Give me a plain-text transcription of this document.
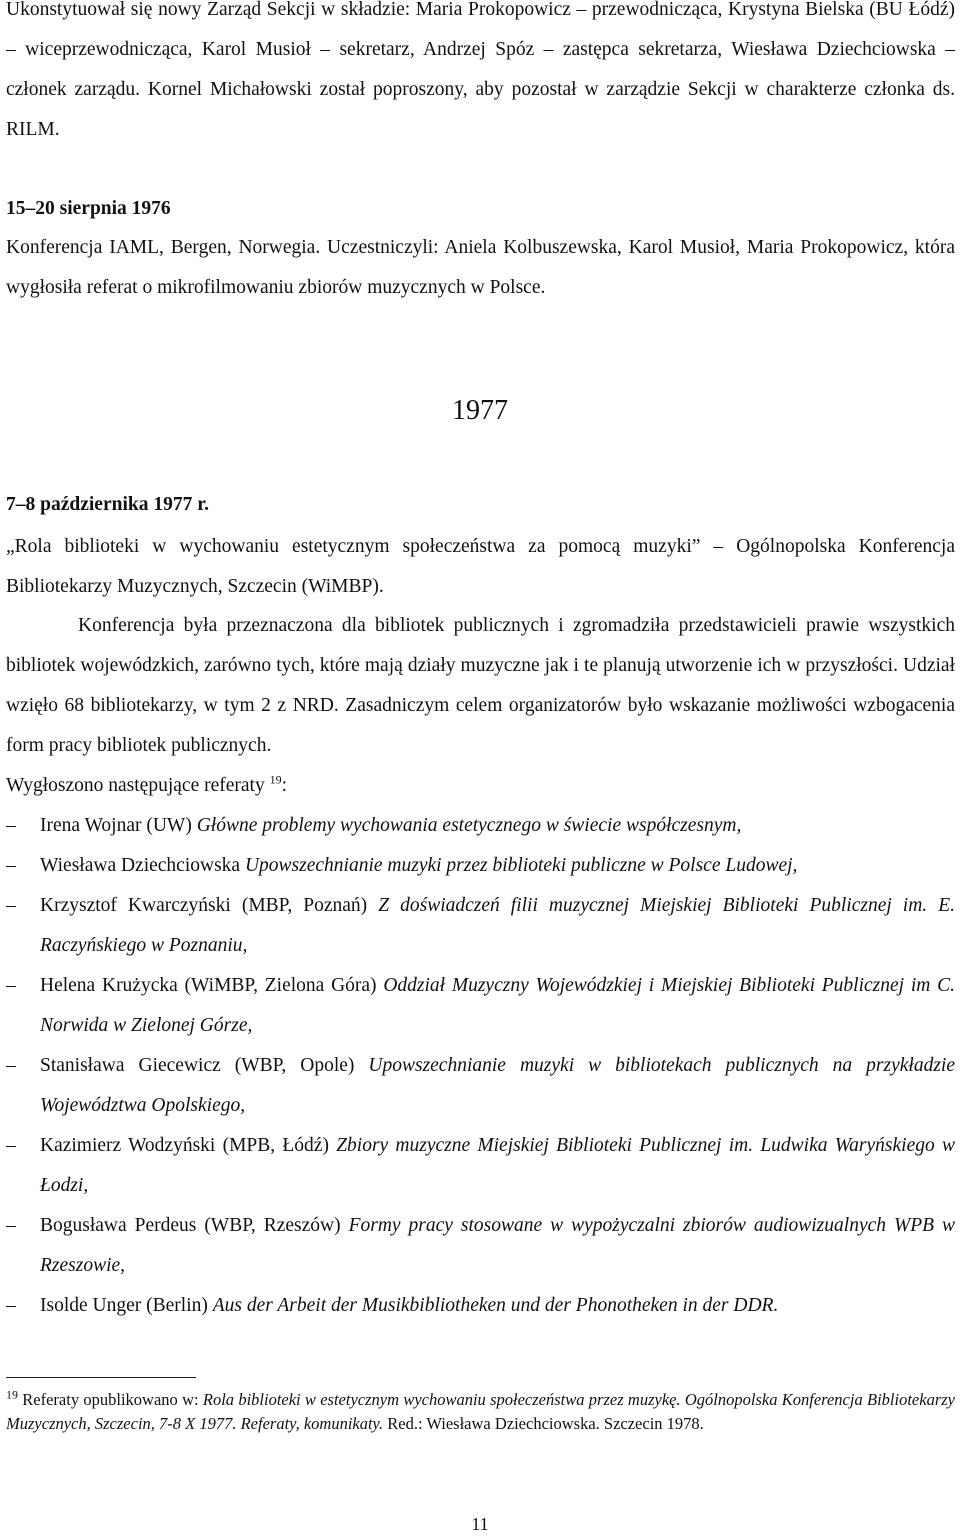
Ukonstytuował się nowy Zarząd Sekcji w składzie: Maria Prokopowicz – przewodnicząca, Krystyna Bielska (BU Łódź) – wiceprzewodnicząca, Karol Musioł – sekretarz, Andrzej Spóz – zastępca sekretarza, Wiesława Dziechciowska – członek zarządu. Kornel Michałowski został poproszony, aby pozostał w zarządzie Sekcji w charakterze członka ds. RILM.

15–20 sierpnia 1976

Konferencja IAML, Bergen, Norwegia. Uczestniczyli: Aniela Kolbuszewska, Karol Musioł, Maria Prokopowicz, która wygłosiła referat o mikrofilmowaniu zbiorów muzycznych w Polsce.

1977

7–8 października 1977 r.

„Rola biblioteki w wychowaniu estetycznym społeczeństwa za pomocą muzyki” – Ogólnopolska Konferencja Bibliotekarzy Muzycznych, Szczecin (WiMBP).

Konferencja była przeznaczona dla bibliotek publicznych i zgromadziła przedstawicieli prawie wszystkich bibliotek wojewódzkich, zarówno tych, które mają działy muzyczne jak i te planują utworzenie ich w przyszłości. Udział wzięło 68 bibliotekarzy, w tym 2 z NRD. Zasadniczym celem organizatorów było wskazanie możliwości wzbogacenia form pracy bibliotek publicznych.

Wygłoszono następujące referaty $^{19}$:

– Irena Wojnar (UW) Główne problemy wychowania estetycznego w świecie współczesnym,
– Wiesława Dziechciowska Upowszechnianie muzyki przez biblioteki publiczne w Polsce Ludowej,
– Krzysztof Kwarczyński (MBP, Poznań) Z doświadczeń filii muzycznej Miejskiej Biblioteki Publicznej im. E. Raczyńskiego w Poznaniu,
– Helena Krużycka (WiMBP, Zielona Góra) Oddział Muzyczny Wojewódzkiej i Miejskiej Biblioteki Publicznej im C. Norwida w Zielonej Górze,
– Stanisława Giecewicz (WBP, Opole) Upowszechnianie muzyki w bibliotekach publicznych na przykładzie Województwa Opolskiego,
– Kazimierz Wodzyński (MPB, Łódź) Zbiory muzyczne Miejskiej Biblioteki Publicznej im. Ludwika Waryńskiego w Łodzi,
– Bogusława Perdeus (WBP, Rzeszów) Formy pracy stosowane w wypożyczalni zbiorów audiowizualnych WPB w Rzeszowie,
– Isolde Unger (Berlin) Aus der Arbeit der Musikbibliotheken und der Phonotheken in der DDR.

$^{19}$ Referaty opublikowano w: Rola biblioteki w estetycznym wychowaniu społeczeństwa przez muzykę. Ogólnopolska Konferencja Bibliotekarzy Muzycznych, Szczecin, 7-8 X 1977. Referaty, komunikaty. Red.: Wiesława Dziechciowska. Szczecin 1978.

11
